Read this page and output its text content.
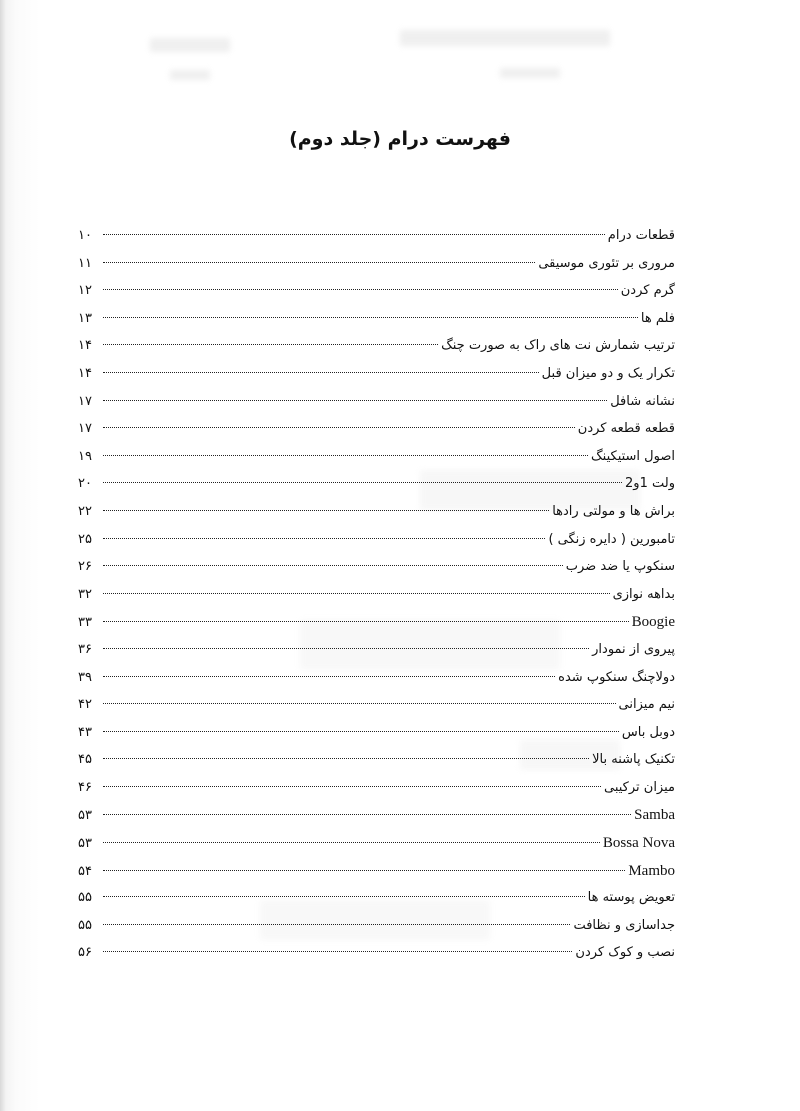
فهرست درام (جلد دوم)
قطعات درام
۱۰
مروری بر تئوری موسیقی
۱۱
گرم کردن
۱۲
فلم ها
۱۳
ترتیب شمارش نت های راک به صورت چنگ
۱۴
تکرار یک و دو میزان قبل
۱۴
نشانه شافل
۱۷
قطعه قطعه کردن
۱۷
اصول استیکینگ
۱۹
ولت 1و2
۲۰
براش ها و مولتی رادها
۲۲
تامبورین ( دایره زنگی )
۲۵
سنکوپ یا ضد ضرب
۲۶
بداهه نوازی
۳۲
Boogie
۳۳
پیروی از نمودار
۳۶
دولاچنگ سنکوپ شده
۳۹
نیم میزانی
۴۲
دوبل باس
۴۳
تکنیک پاشنه بالا
۴۵
میزان ترکیبی
۴۶
Samba
۵۳
Bossa Nova
۵۳
Mambo
۵۴
تعویض پوسته ها
۵۵
جداسازی و نظافت
۵۵
نصب و کوک کردن
۵۶
